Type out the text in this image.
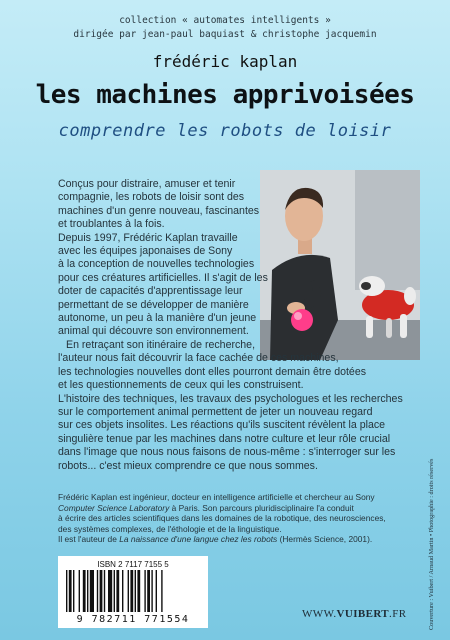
collection « automates intelligents »
dirigée par jean-paul baquiast & christophe jacquemin
frédéric kaplan
les machines apprivoisées
comprendre les robots de loisir
Conçus pour distraire, amuser et tenir
compagnie, les robots de loisir sont des
machines d'un genre nouveau, fascinantes
et troublantes à la fois.
Depuis 1997, Frédéric Kaplan travaille
avec les équipes japonaises de Sony
à la conception de nouvelles technologies
pour ces créatures artificielles. Il s'agit de les
doter de capacités d'apprentissage leur
permettant de se développer de manière
autonome, un peu à la manière d'un jeune
animal qui découvre son environnement.
En retraçant son itinéraire de recherche,
l'auteur nous fait découvrir la face cachée de ces machines,
les technologies nouvelles dont elles pourront demain être dotées
et les questionnements de ceux qui les construisent.
L'histoire des techniques, les travaux des psychologues et les recherches
sur le comportement animal permettent de jeter un nouveau regard
sur ces objets insolites. Les réactions qu'ils suscitent révèlent la place
singulière tenue par les machines dans notre culture et leur rôle crucial
dans l'image que nous nous faisons de nous-même : s'interroger sur les
robots... c'est mieux comprendre ce que nous sommes.
Frédéric Kaplan est ingénieur, docteur en intelligence artificielle et chercheur au Sony
Computer Science Laboratory à Paris. Son parcours pluridisciplinaire l'a conduit
à écrire des articles scientifiques dans les domaines de la robotique, des neurosciences,
des systèmes complexes, de l'éthologie et de la linguistique.
Il est l'auteur de La naissance d'une langue chez les robots (Hermès Science, 2001).
ISBN 2 7117 7155 5
9 782711 771554	WWW.VUIBERT.FR	Couverture : Vuibert / Arnaud Martin • Photographie : droits réservés
